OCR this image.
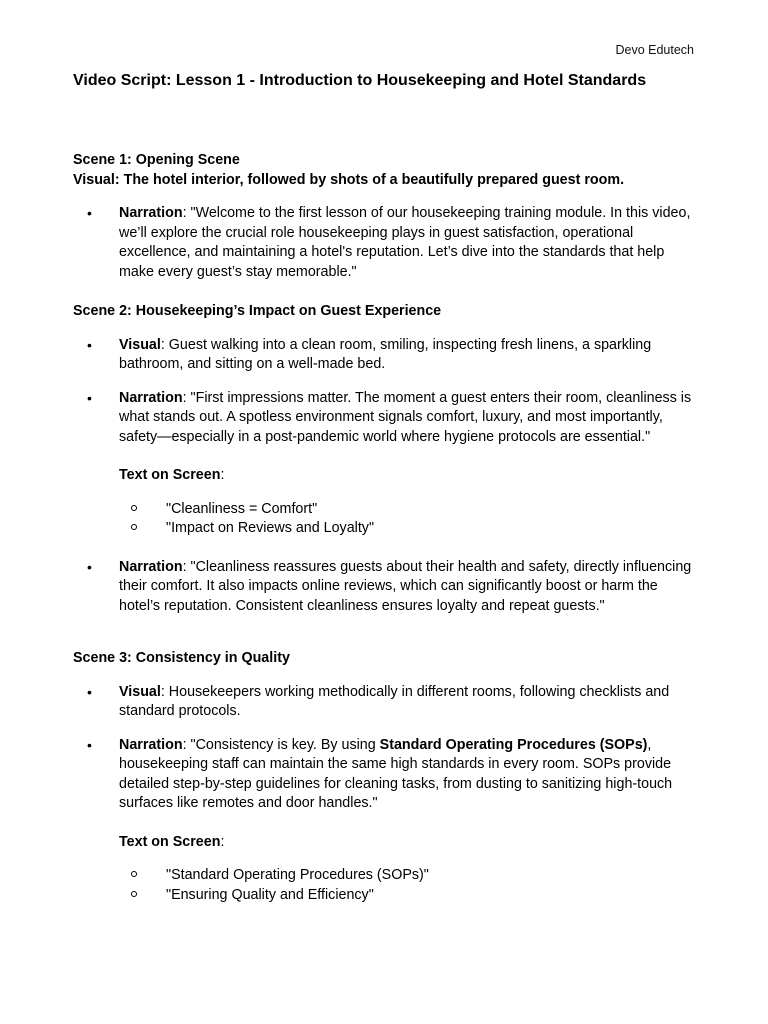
Devo Edutech
Video Script: Lesson 1 - Introduction to Housekeeping and Hotel Standards

Scene 1: Opening Scene

Visual: The hotel interior, followed by shots of a beautifully prepared guest room.

• Narration: "Welcome to the first lesson of our housekeeping training module. In this video, we’ll explore the crucial role housekeeping plays in guest satisfaction, operational excellence, and maintaining a hotel's reputation. Let’s dive into the standards that help make every guest’s stay memorable."

Scene 2: Housekeeping’s Impact on Guest Experience

• Visual: Guest walking into a clean room, smiling, inspecting fresh linens, a sparkling bathroom, and sitting on a well-made bed.
• Narration: "First impressions matter. The moment a guest enters their room, cleanliness is what stands out. A spotless environment signals comfort, luxury, and most importantly, safety—especially in a post-pandemic world where hygiene protocols are essential."
Text on Screen:
"Cleanliness = Comfort"
"Impact on Reviews and Loyalty"
• Narration: "Cleanliness reassures guests about their health and safety, directly influencing their comfort. It also impacts online reviews, which can significantly boost or harm the hotel’s reputation. Consistent cleanliness ensures loyalty and repeat guests."

Scene 3: Consistency in Quality

• Visual: Housekeepers working methodically in different rooms, following checklists and standard protocols.
• Narration: "Consistency is key. By using Standard Operating Procedures (SOPs), housekeeping staff can maintain the same high standards in every room. SOPs provide detailed step-by-step guidelines for cleaning tasks, from dusting to sanitizing high-touch surfaces like remotes and door handles."
Text on Screen:
"Standard Operating Procedures (SOPs)"
"Ensuring Quality and Efficiency"
